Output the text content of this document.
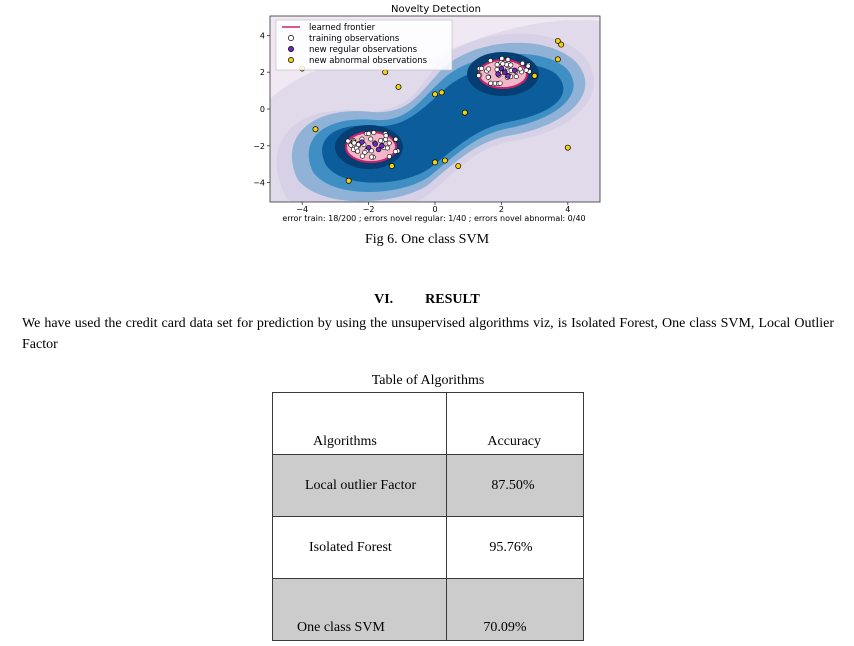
Novelty Detection
4
2
0
−2
−4
−4	−2	0	2	4
learned frontier
training observations
new regular observations
new abnormal observations
error train: 18/200 ; errors novel regular: 1/40 ; errors novel abnormal: 0/40
Fig 6. One class SVM
VI. RESULT

We have used the credit card data set for prediction by using the unsupervised algorithms viz, is Isolated Forest, One class SVM, Local Outlier Factor

Table of Algorithms
Algorithms	Accuracy

Local outlier Factor	87.50%

Isolated Forest	95.76%

One class SVM	70.09%
